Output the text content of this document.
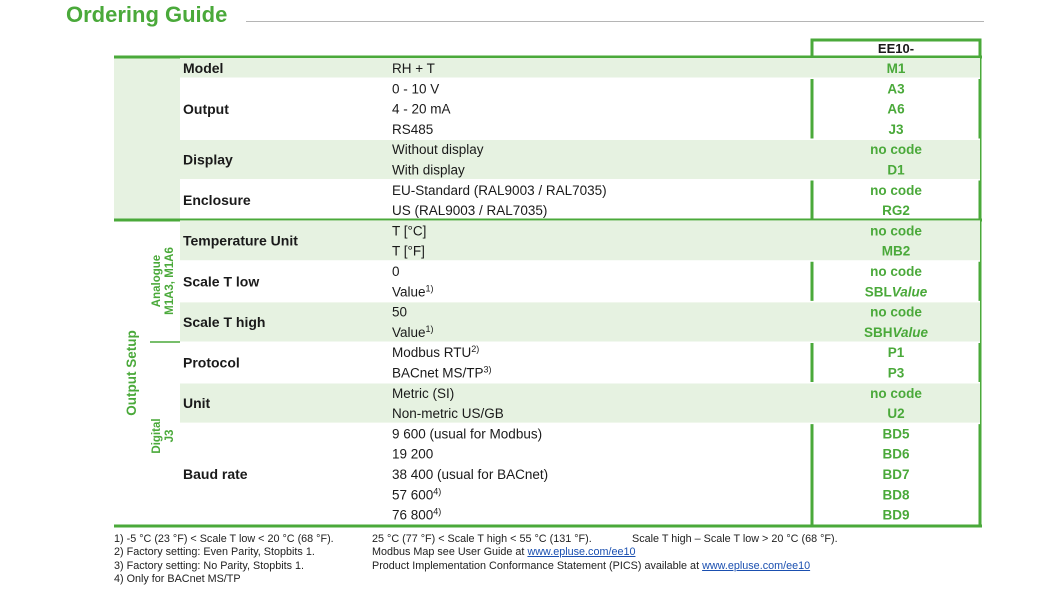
Ordering Guide
Model	RH + T	M1
Output
0 - 10 V	A3
4 - 20 mA	A6
RS485	J3
Display
Without display	no code
With display	D1
Enclosure
EU-Standard (RAL9003 / RAL7035)	no code
US (RAL9003 / RAL7035)	RG2
Temperature Unit
T [°C]	no code
T [°F]	MB2
Scale T low
0	no code
Value$^{1)}$	SBLValue
Scale T high
50	no code
Value$^{1)}$	SBHValue
Protocol
Modbus RTU$^{2)}$	P1
BACnet MS/TP$^{3)}$	P3
Unit
Metric (SI)	no code
Non-metric US/GB	U2
Baud rate
9 600 (usual for Modbus)	BD5
19 200	BD6
38 400 (usual for BACnet)	BD7
57 600$^{4)}$	BD8
76 800$^{4)}$	BD9
Output Setup
Analogue M1A3, M1A6
Digital J3
EE10-
1) -5 °C (23 °F) < Scale T low < 20 °C (68 °F).	25 °C (77 °F) < Scale T high < 55 °C (131 °F).	Scale T high – Scale T low > 20 °C (68 °F).
2) Factory setting: Even Parity, Stopbits 1.	Modbus Map see User Guide at www.epluse.com/ee10
3) Factory setting: No Parity, Stopbits 1.	Product Implementation Conformance Statement (PICS) available at www.epluse.com/ee10
4) Only for BACnet MS/TP
